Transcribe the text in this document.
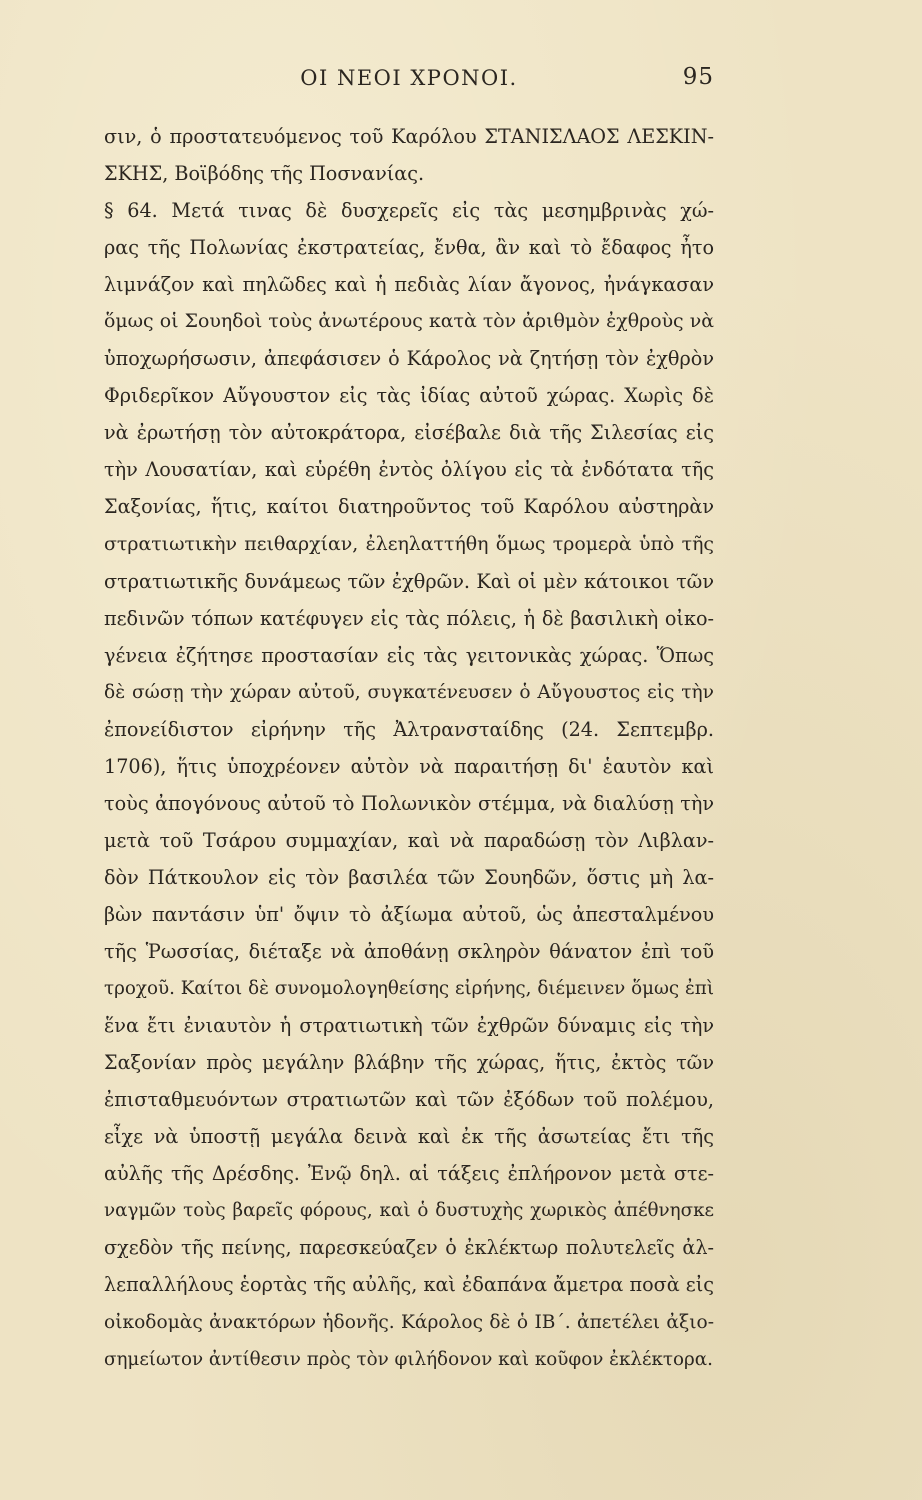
ΟΙ ΝΕΟΙ ΧΡΟΝΟΙ.	95
σιν, ὁ προστατευόμενος τοῦ Καρόλου ΣΤΑΝΙΣΛΑΟΣ ΛΕΣΚΙΝ-
ΣΚΗΣ, Βοϊβόδης τῆς Ποσνανίας.
§ 64. Μετά τινας δὲ δυσχερεῖς εἰς τὰς μεσημβρινὰς χώ-
ρας τῆς Πολωνίας ἐκστρατείας, ἔνθα, ἂν καὶ τὸ ἔδαφος ἦτο
λιμνάζον καὶ πηλῶδες καὶ ἡ πεδιὰς λίαν ἄγονος, ἠνάγκασαν
ὅμως οἱ Σουηδοὶ τοὺς ἀνωτέρους κατὰ τὸν ἀριθμὸν ἐχθροὺς νὰ
ὑποχωρήσωσιν, ἀπεφάσισεν ὁ Κάρολος νὰ ζητήσῃ τὸν ἐχθρὸν
Φριδερῖκον Αὔγουστον εἰς τὰς ἰδίας αὐτοῦ χώρας. Χωρὶς δὲ
νὰ ἐρωτήσῃ τὸν αὐτοκράτορα, εἰσέβαλε διὰ τῆς Σιλεσίας εἰς
τὴν Λουσατίαν, καὶ εὑρέθη ἐντὸς ὀλίγου εἰς τὰ ἐνδότατα τῆς
Σαξονίας, ἥτις, καίτοι διατηροῦντος τοῦ Καρόλου αὐστηρὰν
στρατιωτικὴν πειθαρχίαν, ἐλεηλαττήθη ὅμως τρομερὰ ὑπὸ τῆς
στρατιωτικῆς δυνάμεως τῶν ἐχθρῶν. Καὶ οἱ μὲν κάτοικοι τῶν
πεδινῶν τόπων κατέφυγεν εἰς τὰς πόλεις, ἡ δὲ βασιλικὴ οἰκο-
γένεια ἐζήτησε προστασίαν εἰς τὰς γειτονικὰς χώρας. Ὅπως
δὲ σώσῃ τὴν χώραν αὐτοῦ, συγκατένευσεν ὁ Αὔγουστος εἰς τὴν
ἐπονείδιστον εἰρήνην τῆς Ἀλτρανσταίδης (24. Σεπτεμβρ.
1706), ἥτις ὑποχρέονεν αὐτὸν νὰ παραιτήσῃ δι' ἑαυτὸν καὶ
τοὺς ἀπογόνους αὐτοῦ τὸ Πολωνικὸν στέμμα, νὰ διαλύσῃ τὴν
μετὰ τοῦ Τσάρου συμμαχίαν, καὶ νὰ παραδώσῃ τὸν Λιβλαν-
δὸν Πάτκουλον εἰς τὸν βασιλέα τῶν Σουηδῶν, ὅστις μὴ λα-
βὼν παντάσιν ὑπ' ὄψιν τὸ ἀξίωμα αὐτοῦ, ὡς ἀπεσταλμένου
τῆς Ῥωσσίας, διέταξε νὰ ἀποθάνῃ σκληρὸν θάνατον ἐπὶ τοῦ
τροχοῦ. Καίτοι δὲ συνομολογηθείσης εἰρήνης, διέμεινεν ὅμως ἐπὶ
ἕνα ἔτι ἐνιαυτὸν ἡ στρατιωτικὴ τῶν ἐχθρῶν δύναμις εἰς τὴν
Σαξονίαν πρὸς μεγάλην βλάβην τῆς χώρας, ἥτις, ἐκτὸς τῶν
ἐπισταθμευόντων στρατιωτῶν καὶ τῶν ἐξόδων τοῦ πολέμου,
εἶχε νὰ ὑποστῇ μεγάλα δεινὰ καὶ ἐκ τῆς ἀσωτείας ἔτι τῆς
αὐλῆς τῆς Δρέσδης. Ἐνῷ δηλ. αἱ τάξεις ἐπλήρονον μετὰ στε-
ναγμῶν τοὺς βαρεῖς φόρους, καὶ ὁ δυστυχὴς χωρικὸς ἀπέθνησκε
σχεδὸν τῆς πείνης, παρεσκεύαζεν ὁ ἐκλέκτωρ πολυτελεῖς ἀλ-
λεπαλλήλους ἑορτὰς τῆς αὐλῆς, καὶ ἐδαπάνα ἄμετρα ποσὰ εἰς
οἰκοδομὰς ἀνακτόρων ἡδονῆς. Κάρολος δὲ ὁ ΙΒ΄. ἀπετέλει ἀξιο-
σημείωτον ἀντίθεσιν πρὸς τὸν φιλήδονον καὶ κοῦφον ἐκλέκτορα.
